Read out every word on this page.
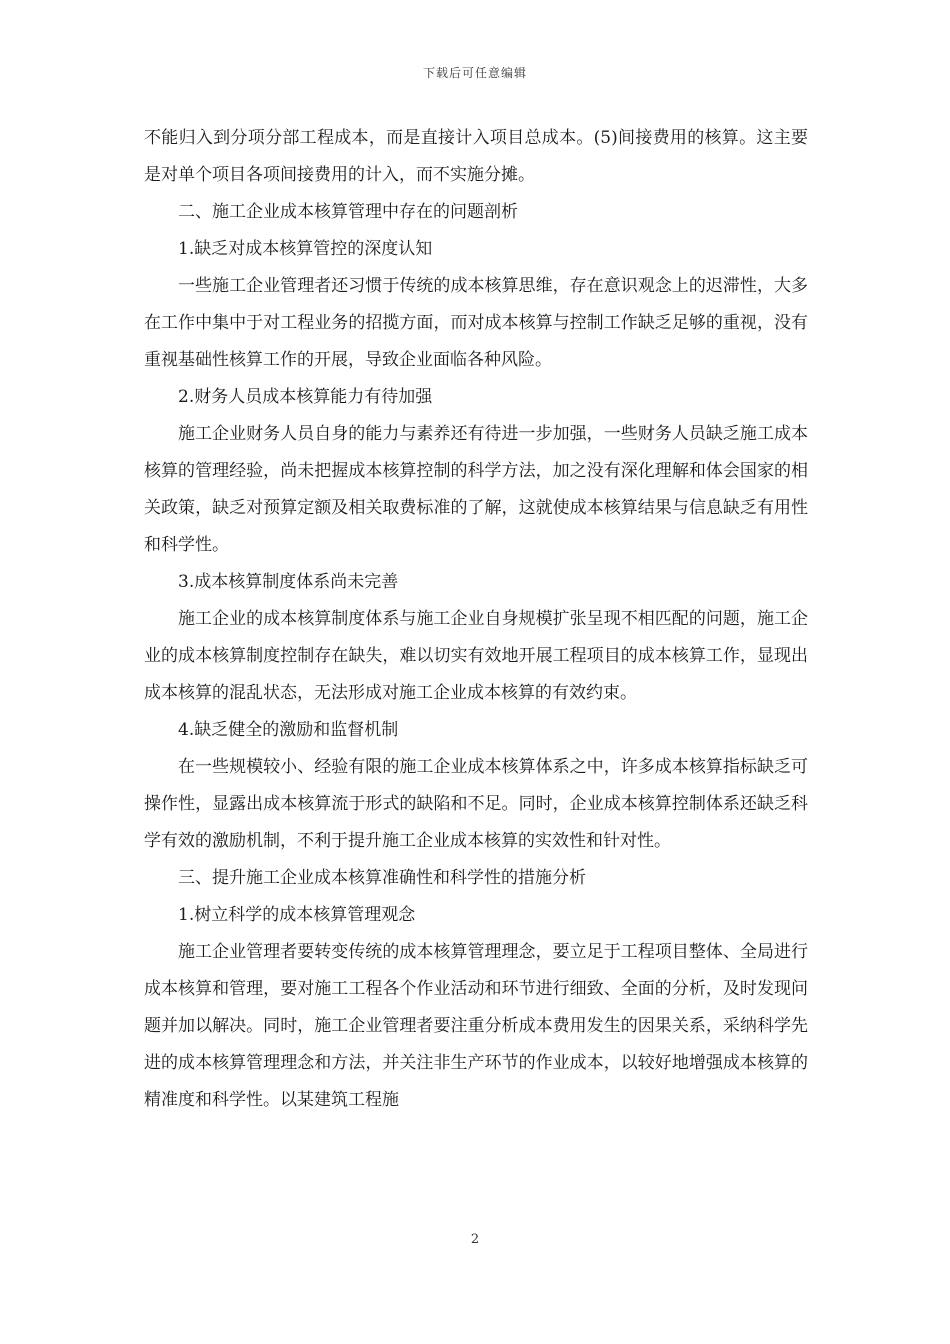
下载后可任意编辑

不能归入到分项分部工程成本，而是直接计入项目总成本。(5)间接费用的核算。这主要是对单个项目各项间接费用的计入，而不实施分摊。

二、施工企业成本核算管理中存在的问题剖析

1.缺乏对成本核算管控的深度认知

一些施工企业管理者还习惯于传统的成本核算思维，存在意识观念上的迟滞性，大多在工作中集中于对工程业务的招揽方面，而对成本核算与控制工作缺乏足够的重视，没有重视基础性核算工作的开展，导致企业面临各种风险。

2.财务人员成本核算能力有待加强

施工企业财务人员自身的能力与素养还有待进一步加强，一些财务人员缺乏施工成本核算的管理经验，尚未把握成本核算控制的科学方法，加之没有深化理解和体会国家的相关政策，缺乏对预算定额及相关取费标准的了解，这就使成本核算结果与信息缺乏有用性和科学性。

3.成本核算制度体系尚未完善

施工企业的成本核算制度体系与施工企业自身规模扩张呈现不相匹配的问题，施工企业的成本核算制度控制存在缺失，难以切实有效地开展工程项目的成本核算工作，显现出成本核算的混乱状态，无法形成对施工企业成本核算的有效约束。

4.缺乏健全的激励和监督机制

在一些规模较小、经验有限的施工企业成本核算体系之中，许多成本核算指标缺乏可操作性，显露出成本核算流于形式的缺陷和不足。同时，企业成本核算控制体系还缺乏科学有效的激励机制，不利于提升施工企业成本核算的实效性和针对性。

三、提升施工企业成本核算准确性和科学性的措施分析

1.树立科学的成本核算管理观念

施工企业管理者要转变传统的成本核算管理理念，要立足于工程项目整体、全局进行成本核算和管理，要对施工工程各个作业活动和环节进行细致、全面的分析，及时发现问题并加以解决。同时，施工企业管理者要注重分析成本费用发生的因果关系，采纳科学先进的成本核算管理理念和方法，并关注非生产环节的作业成本，以较好地增强成本核算的精准度和科学性。以某建筑工程施

2
